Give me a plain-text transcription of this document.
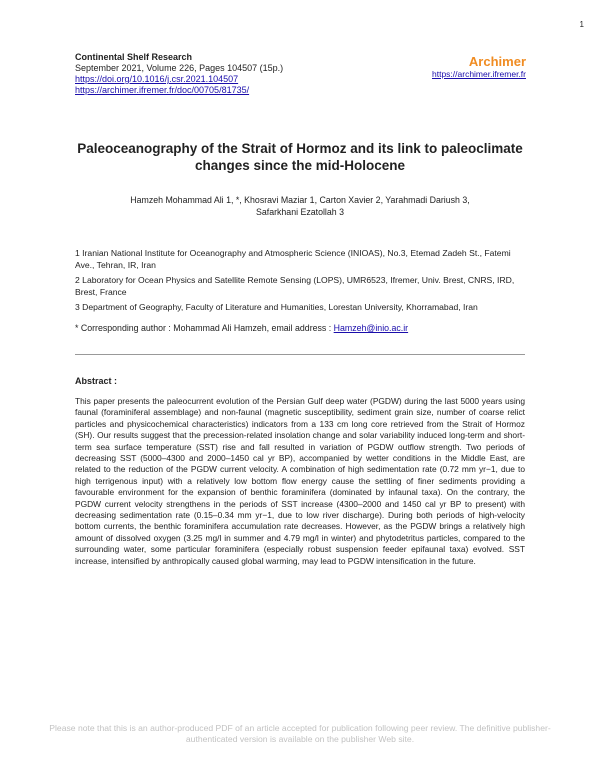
1
Continental Shelf Research
September 2021, Volume 226, Pages 104507 (15p.)
https://doi.org/10.1016/j.csr.2021.104507
https://archimer.ifremer.fr/doc/00705/81735/
Archimer
https://archimer.ifremer.fr
Paleoceanography of the Strait of Hormoz and its link to paleoclimate changes since the mid-Holocene
Hamzeh Mohammad Ali 1, *, Khosravi Maziar 1, Carton Xavier 2, Yarahmadi Dariush 3,
Safarkhani Ezatollah 3

1 Iranian National Institute for Oceanography and Atmospheric Science (INIOAS), No.3, Etemad Zadeh St., Fatemi Ave., Tehran, IR, Iran

2 Laboratory for Ocean Physics and Satellite Remote Sensing (LOPS), UMR6523, Ifremer, Univ. Brest, CNRS, IRD, Brest, France

3 Department of Geography, Faculty of Literature and Humanities, Lorestan University, Khorramabad, Iran

* Corresponding author : Mohammad Ali Hamzeh, email address : Hamzeh@inio.ac.ir
Abstract :

This paper presents the paleocurrent evolution of the Persian Gulf deep water (PGDW) during the last 5000 years using faunal (foraminiferal assemblage) and non-faunal (magnetic susceptibility, sediment grain size, number of coarse relict particles and physicochemical characteristics) indicators from a 133 cm long core retrieved from the Strait of Hormoz (SH). Our results suggest that the precession-related insolation change and solar variability induced long-term and short-term sea surface temperature (SST) rise and fall resulted in variation of PGDW outflow strength. Two periods of decreasing SST (5000–4300 and 2000–1450 cal yr BP), accompanied by wetter conditions in the Middle East, are related to the reduction of the PGDW current velocity. A combination of high sedimentation rate (0.72 mm yr−1, due to high terrigenous input) with a relatively low bottom flow energy cause the settling of finer sediments providing a favourable environment for the expansion of benthic foraminifera (dominated by infaunal taxa). On the contrary, the PGDW current velocity strengthens in the periods of SST increase (4300–2000 and 1450 cal yr BP to present) with decreasing sedimentation rate (0.15–0.34 mm yr−1, due to low river discharge). During both periods of high-velocity bottom currents, the benthic foraminifera accumulation rate decreases. However, as the PGDW brings a relatively high amount of dissolved oxygen (3.25 mg/l in summer and 4.79 mg/l in winter) and phytodetritus particles, compared to the surrounding water, some particular foraminifera (especially robust suspension feeder epifaunal taxa) evolved. SST increase, intensified by anthropically caused global warming, may lead to PGDW intensification in the future.

Please note that this is an author-produced PDF of an article accepted for publication following peer review. The definitive publisher-authenticated version is available on the publisher Web site.
